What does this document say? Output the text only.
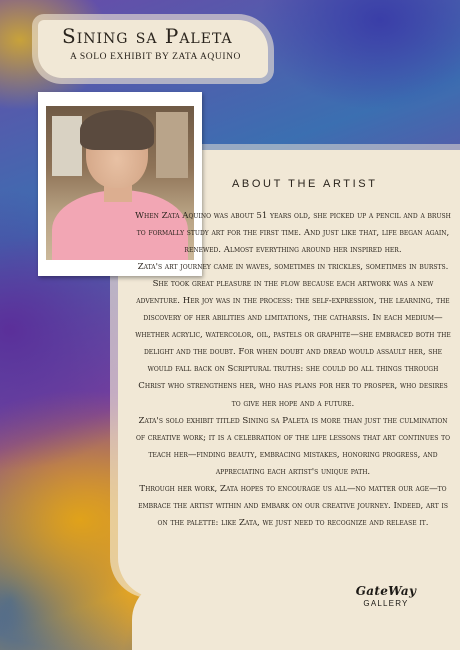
Sining sa Paleta

A SOLO EXHIBIT BY ZATA AQUINO

ABOUT THE ARTIST

When Zata Aquino was about 51 years old, she picked up a pencil and a brush to formally study art for the first time. And just like that, life began again, renewed. Almost everything around her inspired her.

Zata's art journey came in waves, sometimes in trickles, sometimes in bursts. She took great pleasure in the flow because each artwork was a new adventure. Her joy was in the process: the self-expression, the learning, the discovery of her abilities and limitations, the catharsis. In each medium—whether acrylic, watercolor, oil, pastels or graphite—she embraced both the delight and the doubt. For when doubt and dread would assault her, she would fall back on Scriptural truths: she could do all things through Christ who strengthens her, who has plans for her to prosper, who desires to give her hope and a future.

Zata's solo exhibit titled Sining sa Paleta is more than just the culmination of creative work; it is a celebration of the life lessons that art continues to teach her—finding beauty, embracing mistakes, honoring progress, and appreciating each artist's unique path.

Through her work, Zata hopes to encourage us all—no matter our age—to embrace the artist within and embark on our creative journey. Indeed, art is on the palette: like Zata, we just need to recognize and release it.

GateWay
GALLERY
